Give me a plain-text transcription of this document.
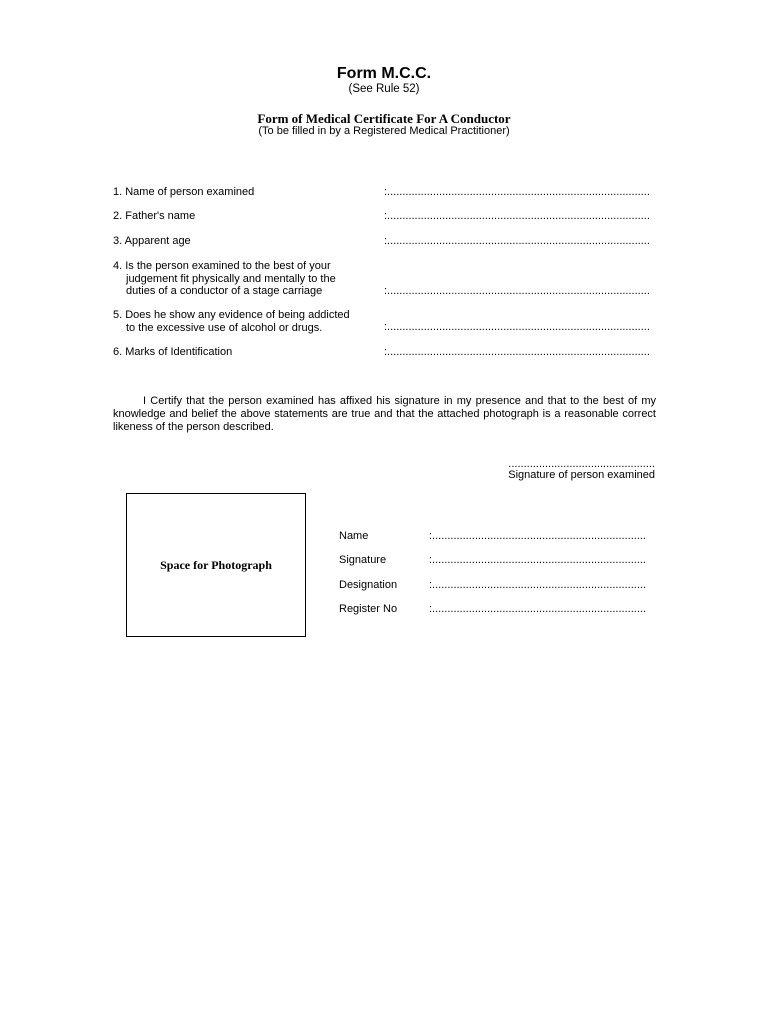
Form M.C.C.
(See Rule 52)
Form of Medical Certificate For A Conductor
(To be filled in by a Registered Medical Practitioner)
1. Name of person examined	:......................................................................................
2. Father's name	:......................................................................................
3. Apparent age	:......................................................................................
4. Is the person examined to the best of your
judgement fit physically and mentally to the
duties of a conductor of a stage carriage	:......................................................................................
5. Does he show any evidence of being addicted
to the excessive use of alcohol or drugs.	:......................................................................................
6. Marks of Identification	:......................................................................................
I Certify that the person examined has affixed his signature in my presence and that to the best of my knowledge and belief the above statements are true and that the attached photograph is a reasonable correct likeness of the person described.
................................................
Signature of person examined
Space for Photograph
Name	:......................................................................
Signature	:......................................................................
Designation	:......................................................................
Register No	:......................................................................
